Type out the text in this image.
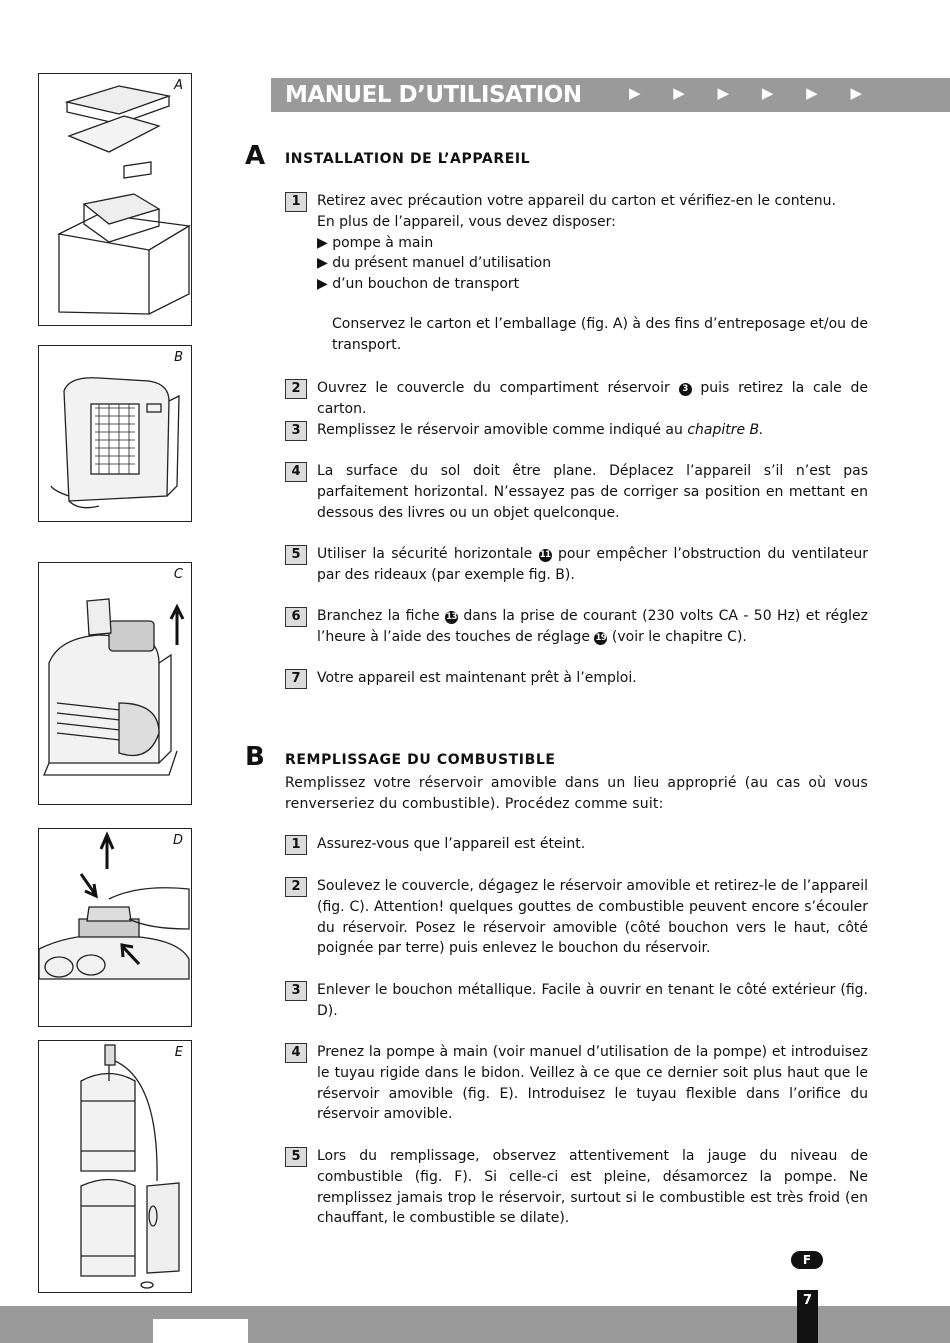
A
B
C
D
E
MANUEL D’UTILISATION	▶ ▶ ▶ ▶ ▶ ▶
A INSTALLATION DE L’APPAREIL
1	Retirez avec précaution votre appareil du carton et vérifiez-en le contenu.

En plus de l’appareil, vous devez disposer:

▶ pompe à main

▶ du présent manuel d’utilisation

▶ d’un bouchon de transport

Conservez le carton et l’emballage (fig. A) à des fins d’entreposage et/ou de transport.

2	Ouvrez le couvercle du compartiment réservoir 3 puis retirez la cale de carton.
3	Remplissez le réservoir amovible comme indiqué au chapitre B.
4	La surface du sol doit être plane. Déplacez l’appareil s’il n’est pas parfaitement horizontal. N’essayez pas de corriger sa position en mettant en dessous des livres ou un objet quelconque.
5	Utiliser la sécurité horizontale 11 pour empêcher l’obstruction du ventilateur par des rideaux (par exemple fig. B).
6	Branchez la fiche 13 dans la prise de courant (230 volts CA - 50 Hz) et réglez l’heure à l’aide des touches de réglage 19 (voir le chapitre C).
7	Votre appareil est maintenant prêt à l’emploi.
B REMPLISSAGE DU COMBUSTIBLE
Remplissez votre réservoir amovible dans un lieu approprié (au cas où vous renverseriez du combustible). Procédez comme suit:
1	Assurez-vous que l’appareil est éteint.
2	Soulevez le couvercle, dégagez le réservoir amovible et retirez-le de l’appareil (fig. C). Attention! quelques gouttes de combustible peuvent encore s’écouler du réservoir. Posez le réservoir amovible (côté bouchon vers le haut, côté poignée par terre) puis enlevez le bouchon du réservoir.
3	Enlever le bouchon métallique. Facile à ouvrir en tenant le côté extérieur (fig. D).
4	Prenez la pompe à main (voir manuel d’utilisation de la pompe) et introduisez le tuyau rigide dans le bidon. Veillez à ce que ce dernier soit plus haut que le réservoir amovible (fig. E). Introduisez le tuyau flexible dans l’orifice du réservoir amovible.
5	Lors du remplissage, observez attentivement la jauge du niveau de combustible (fig. F). Si celle-ci est pleine, désamorcez la pompe. Ne remplissez jamais trop le réservoir, surtout si le combustible est très froid (en chauffant, le combustible se dilate).
F
7
